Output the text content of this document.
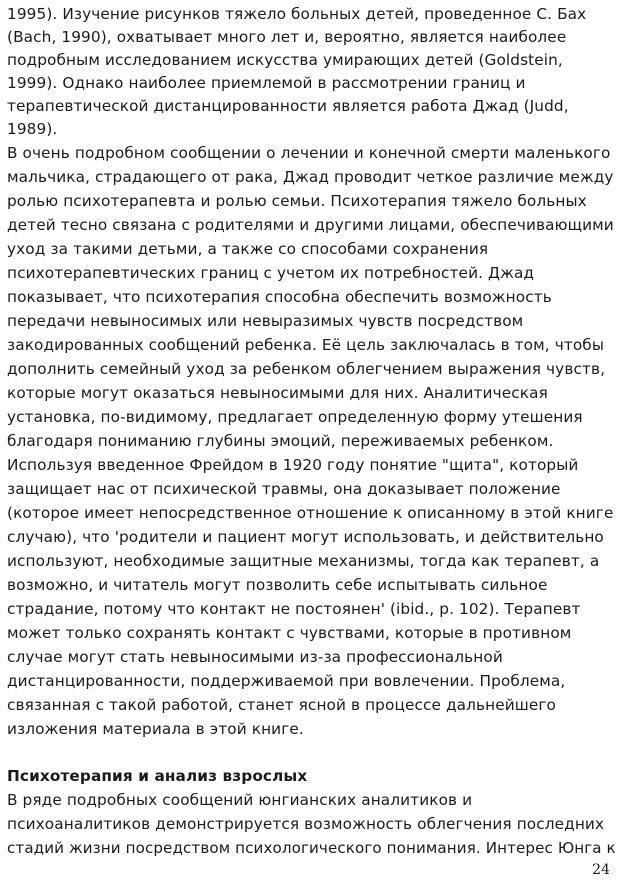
1995). Изучение рисунков тяжело больных детей, проведенное С. Бах
(Bach, 1990), охватывает много лет и, вероятно, является наиболее
подробным исследованием искусства умирающих детей (Goldstein,
1999). Однако наиболее приемлемой в рассмотрении границ и
терапевтической дистанцированности является работа Джад (Judd,
1989).
В очень подробном сообщении о лечении и конечной смерти маленького
мальчика, страдающего от рака, Джад проводит четкое различие между
ролью психотерапевта и ролью семьи. Психотерапия тяжело больных
детей тесно связана с родителями и другими лицами, обеспечивающими
уход за такими детьми, а также со способами сохранения
психотерапевтических границ с учетом их потребностей. Джад
показывает, что психотерапия способна обеспечить возможность
передачи невыносимых или невыразимых чувств посредством
закодированных сообщений ребенка. Её цель заключалась в том, чтобы
дополнить семейный уход за ребенком облегчением выражения чувств,
которые могут оказаться невыносимыми для них. Аналитическая
установка, по-видимому, предлагает определенную форму утешения
благодаря пониманию глубины эмоций, переживаемых ребенком.
Используя введенное Фрейдом в 1920 году понятие "щита", который
защищает нас от психической травмы, она доказывает положение
(которое имеет непосредственное отношение к описанному в этой книге
случаю), что 'родители и пациент могут использовать, и действительно
используют, необходимые защитные механизмы, тогда как терапевт, а
возможно, и читатель могут позволить себе испытывать сильное
страдание, потому что контакт не постоянен' (ibid., p. 102). Терапевт
может только сохранять контакт с чувствами, которые в противном
случае могут стать невыносимыми из-за профессиональной
дистанцированности, поддерживаемой при вовлечении. Проблема,
связанная с такой работой, станет ясной в процессе дальнейшего
изложения материала в этой книге.
Психотерапия и анализ взрослых
В ряде подробных сообщений юнгианских аналитиков и
психоаналитиков демонстрируется возможность облегчения последних
стадий жизни посредством психологического понимания. Интерес Юнга к
24
